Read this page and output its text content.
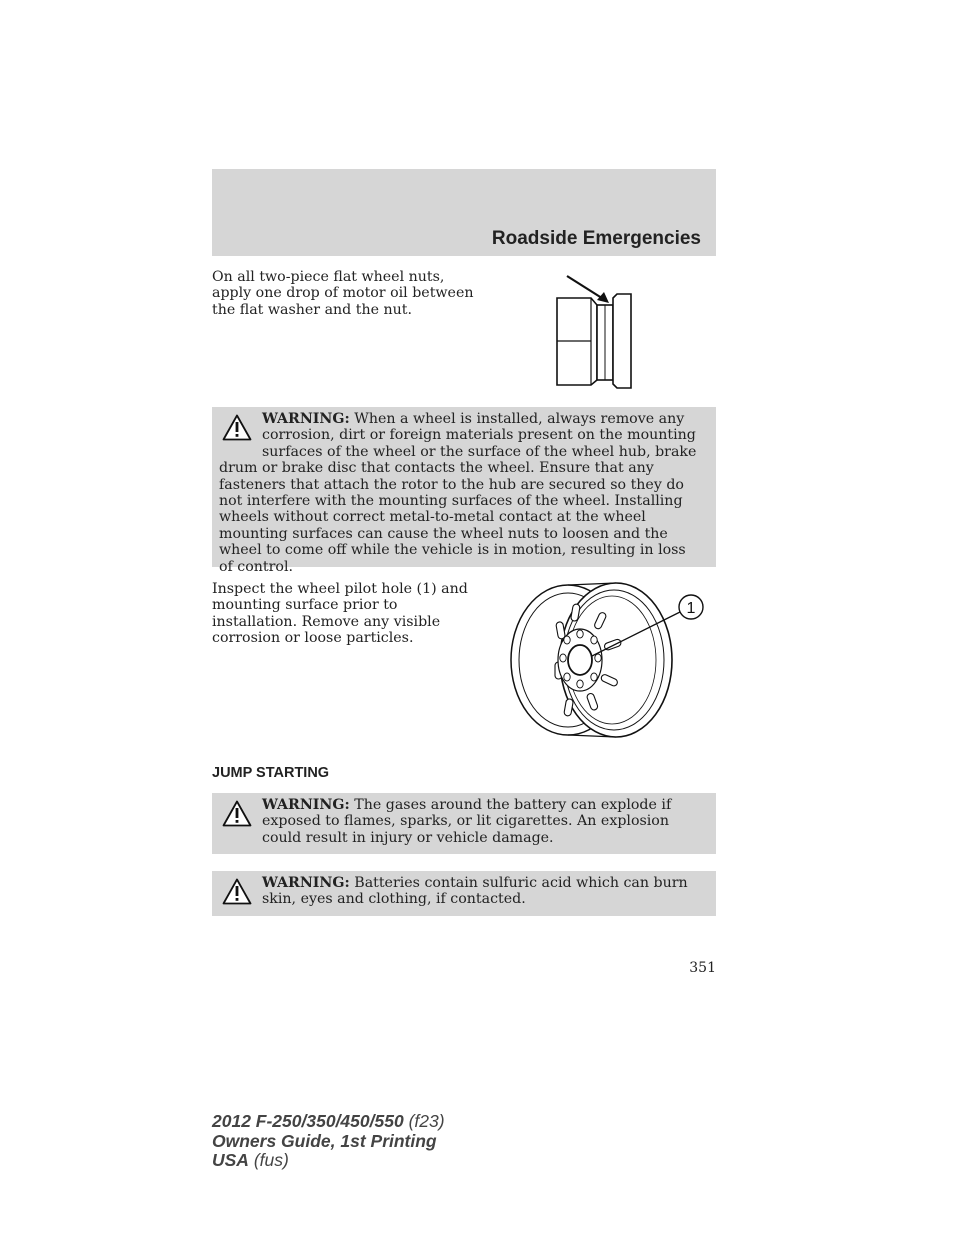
Roadside Emergencies
On all two-piece flat wheel nuts, apply one drop of motor oil between the flat washer and the nut.
WARNING: When a wheel is installed, always remove any corrosion, dirt or foreign materials present on the mounting surfaces of the wheel or the surface of the wheel hub, brake drum or brake disc that contacts the wheel. Ensure that any fasteners that attach the rotor to the hub are secured so they do not interfere with the mounting surfaces of the wheel. Installing wheels without correct metal-to-metal contact at the wheel mounting surfaces can cause the wheel nuts to loosen and the wheel to come off while the vehicle is in motion, resulting in loss of control.
Inspect the wheel pilot hole (1) and mounting surface prior to installation. Remove any visible corrosion or loose particles.
1
JUMP STARTING
WARNING: The gases around the battery can explode if exposed to flames, sparks, or lit cigarettes. An explosion could result in injury or vehicle damage.
WARNING: Batteries contain sulfuric acid which can burn skin, eyes and clothing, if contacted.
351
2012 F-250/350/450/550 (f23)
Owners Guide, 1st Printing
USA (fus)
